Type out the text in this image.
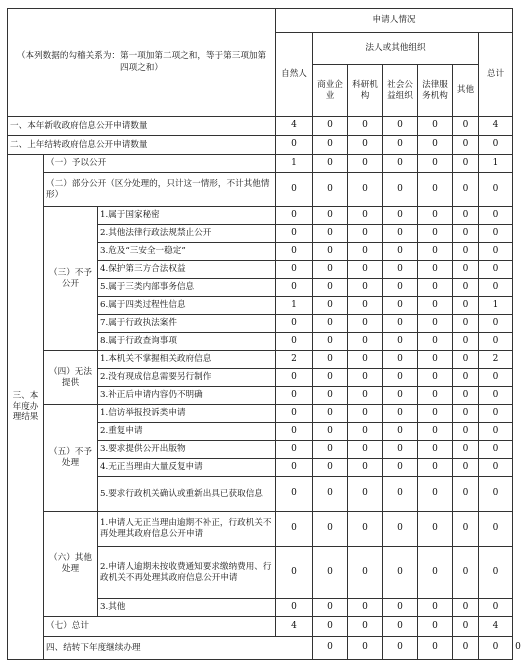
（本列数据的勾稽关系为：第一项加第二项之和，等于第三项加第四项之和）			申请人情况							
			自然人	法人或其他组织					总计	
				商业企业	科研机构	社会公益组织	法律服务机构	其他		
一、本年新收政府信息公开申请数量			4	0	0	0	0	0	4	
二、上年结转政府信息公开申请数量			0	0	0	0	0	0	0	
三、本年度办理结果	（一）予以公开		1	0	0	0	0	0	1	
	（二）部分公开（区分处理的，只计这一情形，不计其他情形）		0	0	0	0	0	0	0	
	（三）不予公开	1.属于国家秘密	0	0	0	0	0	0	0	
		2.其他法律行政法规禁止公开	0	0	0	0	0	0	0	
		3.危及“三安全一稳定”	0	0	0	0	0	0	0	
		4.保护第三方合法权益	0	0	0	0	0	0	0	
		5.属于三类内部事务信息	0	0	0	0	0	0	0	
		6.属于四类过程性信息	1	0	0	0	0	0	1	
		7.属于行政执法案件	0	0	0	0	0	0	0	
		8.属于行政查询事项	0	0	0	0	0	0	0	
	（四）无法提供	1.本机关不掌握相关政府信息	2	0	0	0	0	0	2	
		2.没有现成信息需要另行制作	0	0	0	0	0	0	0	
		3.补正后申请内容仍不明确	0	0	0	0	0	0	0	
	（五）不予处理	1.信访举报投诉类申请	0	0	0	0	0	0	0	
		2.重复申请	0	0	0	0	0	0	0	
		3.要求提供公开出版物	0	0	0	0	0	0	0	
		4.无正当理由大量反复申请	0	0	0	0	0	0	0	
		5.要求行政机关确认或重新出具已获取信息	0	0	0	0	0	0	0	
	（六）其他处理	1.申请人无正当理由逾期不补正，行政机关不再处理其政府信息公开申请	0	0	0	0	0	0	0	
		2.申请人逾期未按收费通知要求缴纳费用、行政机关不再处理其政府信息公开申请	0	0	0	0	0	0	0	
		3.其他	0	0	0	0	0	0	0	
	（七）总计		4	0	0	0	0	0	4	
	四、结转下年度继续办理			0	0	0	0	0	0	0
